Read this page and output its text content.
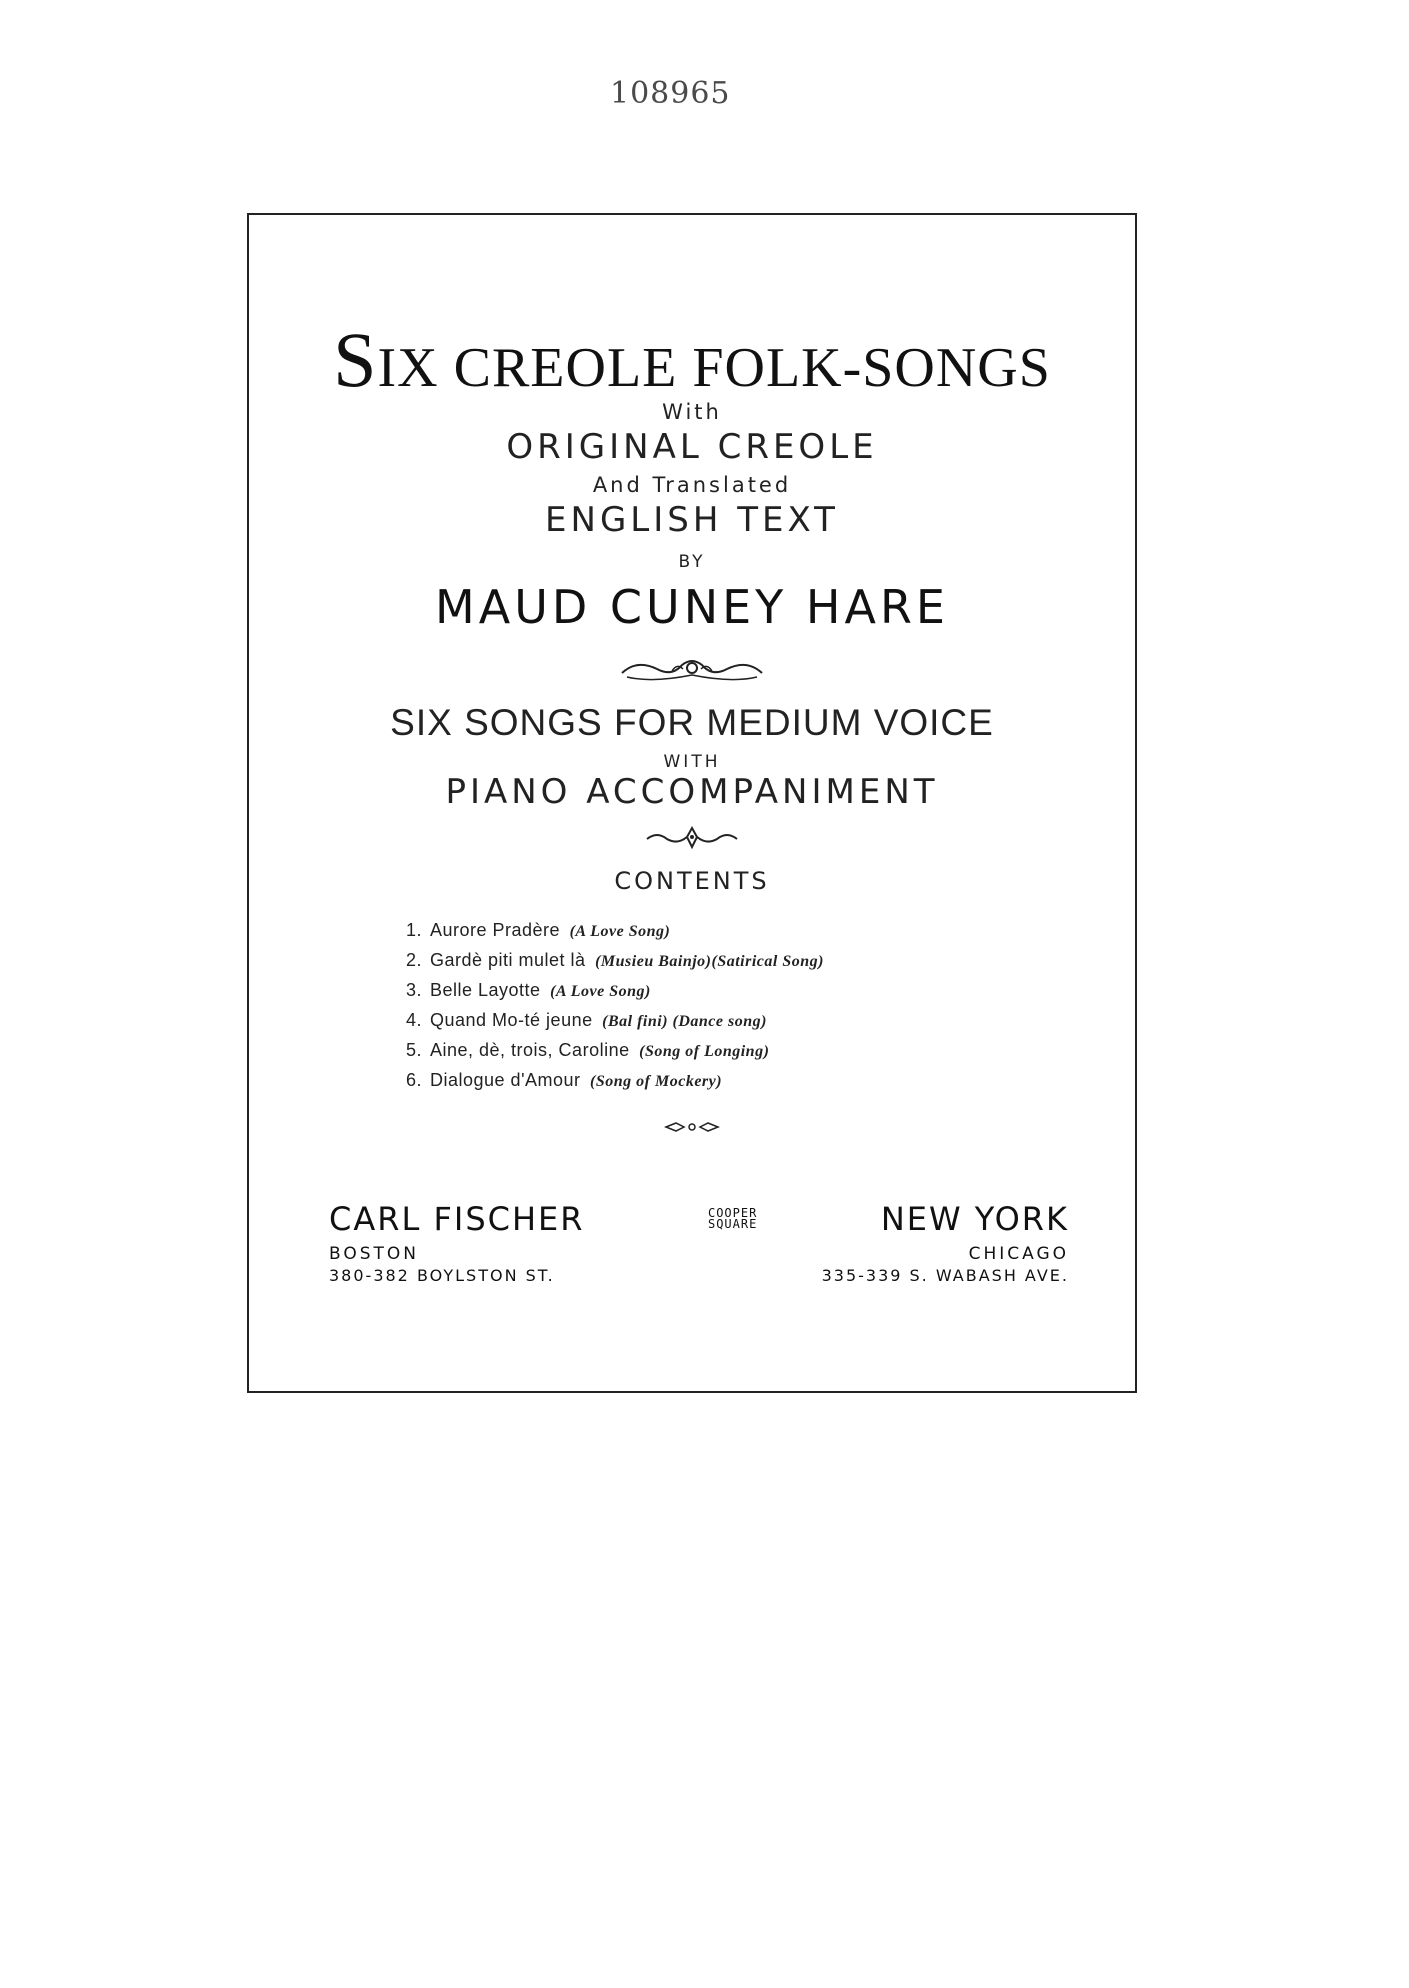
108965
SIX CREOLE FOLK-SONGS
With
ORIGINAL CREOLE
And Translated
ENGLISH TEXT
BY
MAUD CUNEY HARE
SIX SONGS FOR MEDIUM VOICE
WITH
PIANO ACCOMPANIMENT
CONTENTS
1. Aurore Pradère (A Love Song)
2. Gardè piti mulet là (Musieu Bainjo)(Satirical Song)
3. Belle Layotte (A Love Song)
4. Quand Mo-té jeune (Bal fini) (Dance song)
5. Aine, dè, trois, Caroline (Song of Longing)
6. Dialogue d'Amour (Song of Mockery)
CARL FISCHER	COOPER
SQUARE	NEW YORK
BOSTON	CHICAGO
380-382 BOYLSTON ST.	335-339 S. WABASH AVE.
